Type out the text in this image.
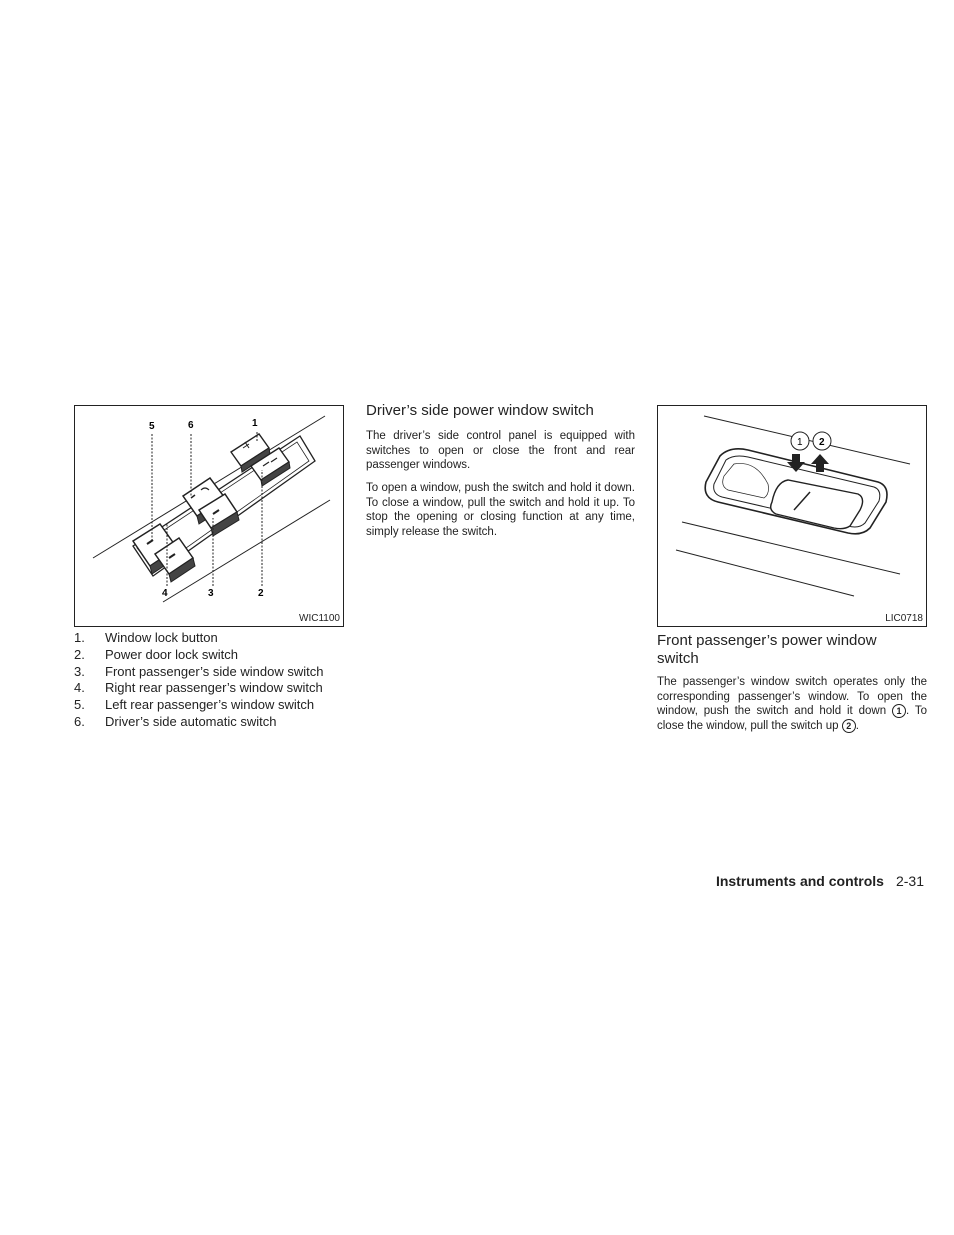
5	6	1
4	3	2
WIC1100
1. Window lock button
2. Power door lock switch
3. Front passenger’s side window switch
4. Right rear passenger’s window switch
5. Left rear passenger’s window switch
6. Driver’s side automatic switch
Driver’s side power window switch

The driver’s side control panel is equipped with switches to open or close the front and rear passenger windows.

To open a window, push the switch and hold it down. To close a window, pull the switch and hold it up. To stop the opening or closing function at any time, simply release the switch.

1 2
LIC0718
Front passenger’s power window switch

The passenger’s window switch operates only the corresponding passenger’s window. To open the window, push the switch and hold it down 1 . To close the window, pull the switch up 2 .

Instruments and controls 2-31
